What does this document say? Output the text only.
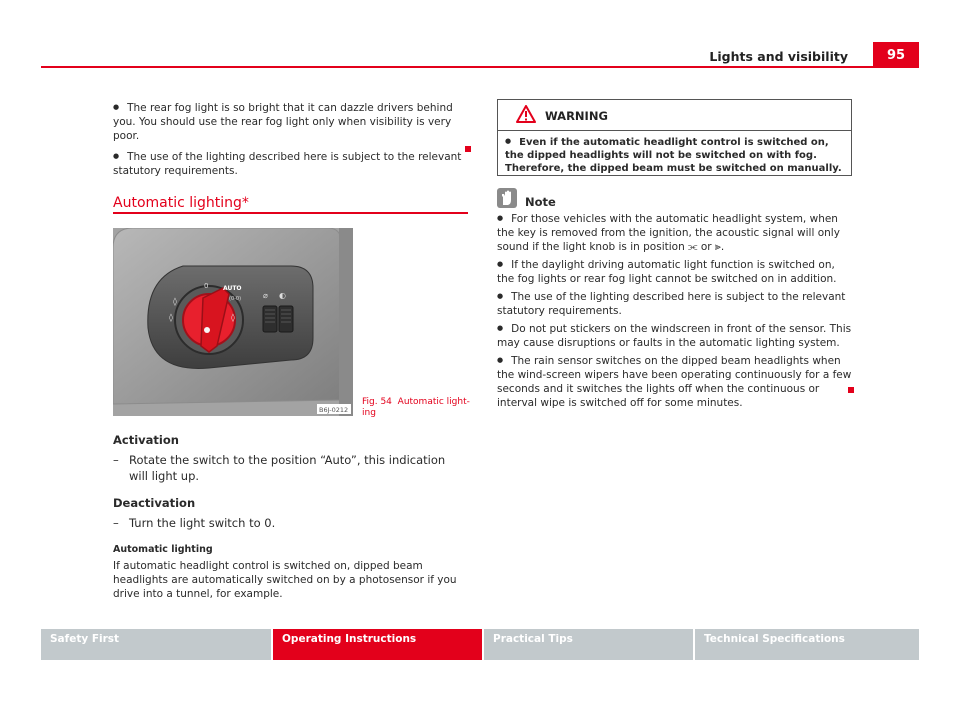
Lights and visibility	95
● The rear fog light is so bright that it can dazzle drivers behind you. You should use the rear fog light only when visibility is very poor.
● The use of the lighting described here is subject to the relevant statutory requirements.
Automatic lighting*
0 AUTO
(0-0)
◊
◊	◊
⌀ ◐
B6J-0212
Fig. 54 Automatic light-ing
Activation
– Rotate the switch to the position “Auto”, this indication will light up.
Deactivation
– Turn the light switch to 0.
Automatic lighting
If automatic headlight control is switched on, dipped beam headlights are automatically switched on by a photosensor if you drive into a tunnel, for example.
WARNING
● Even if the automatic headlight control is switched on, the dipped headlights will not be switched on with fog. Therefore, the dipped beam must be switched on manually.
Note
● For those vehicles with the automatic headlight system, when the key is removed from the ignition, the acoustic signal will only sound if the light knob is in position ⫘ or ⫸.
● If the daylight driving automatic light function is switched on, the fog lights or rear fog light cannot be switched on in addition.
● The use of the lighting described here is subject to the relevant statutory requirements.
● Do not put stickers on the windscreen in front of the sensor. This may cause disruptions or faults in the automatic lighting system.
● The rain sensor switches on the dipped beam headlights when the wind-screen wipers have been operating continuously for a few seconds and it switches the lights off when the continuous or interval wipe is switched off for some minutes.
Safety First	Operating Instructions	Practical Tips	Technical Specifications
